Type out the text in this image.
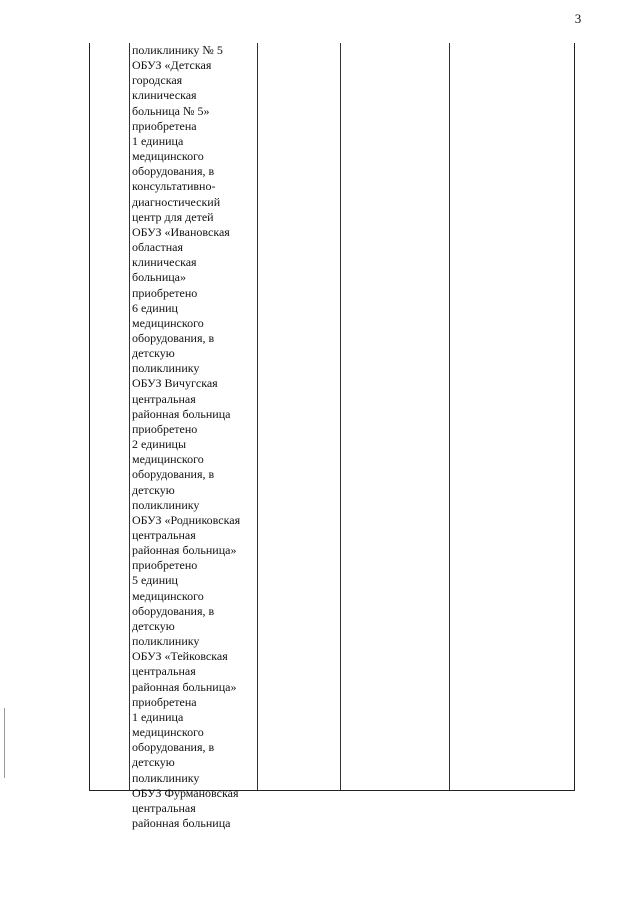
3
поликлинику № 5
ОБУЗ «Детская
городская
клиническая
больница № 5»
приобретена
1 единица
медицинского
оборудования, в
консультативно-
диагностический
центр для детей
ОБУЗ «Ивановская
областная
клиническая
больница»
приобретено
6 единиц
медицинского
оборудования, в
детскую
поликлинику
ОБУЗ Вичугская
центральная
районная больница
приобретено
2 единицы
медицинского
оборудования, в
детскую
поликлинику
ОБУЗ «Родниковская
центральная
районная больница»
приобретено
5 единиц
медицинского
оборудования, в
детскую
поликлинику
ОБУЗ «Тейковская
центральная
районная больница»
приобретена
1 единица
медицинского
оборудования, в
детскую
поликлинику
ОБУЗ Фурмановская
центральная
районная больница
